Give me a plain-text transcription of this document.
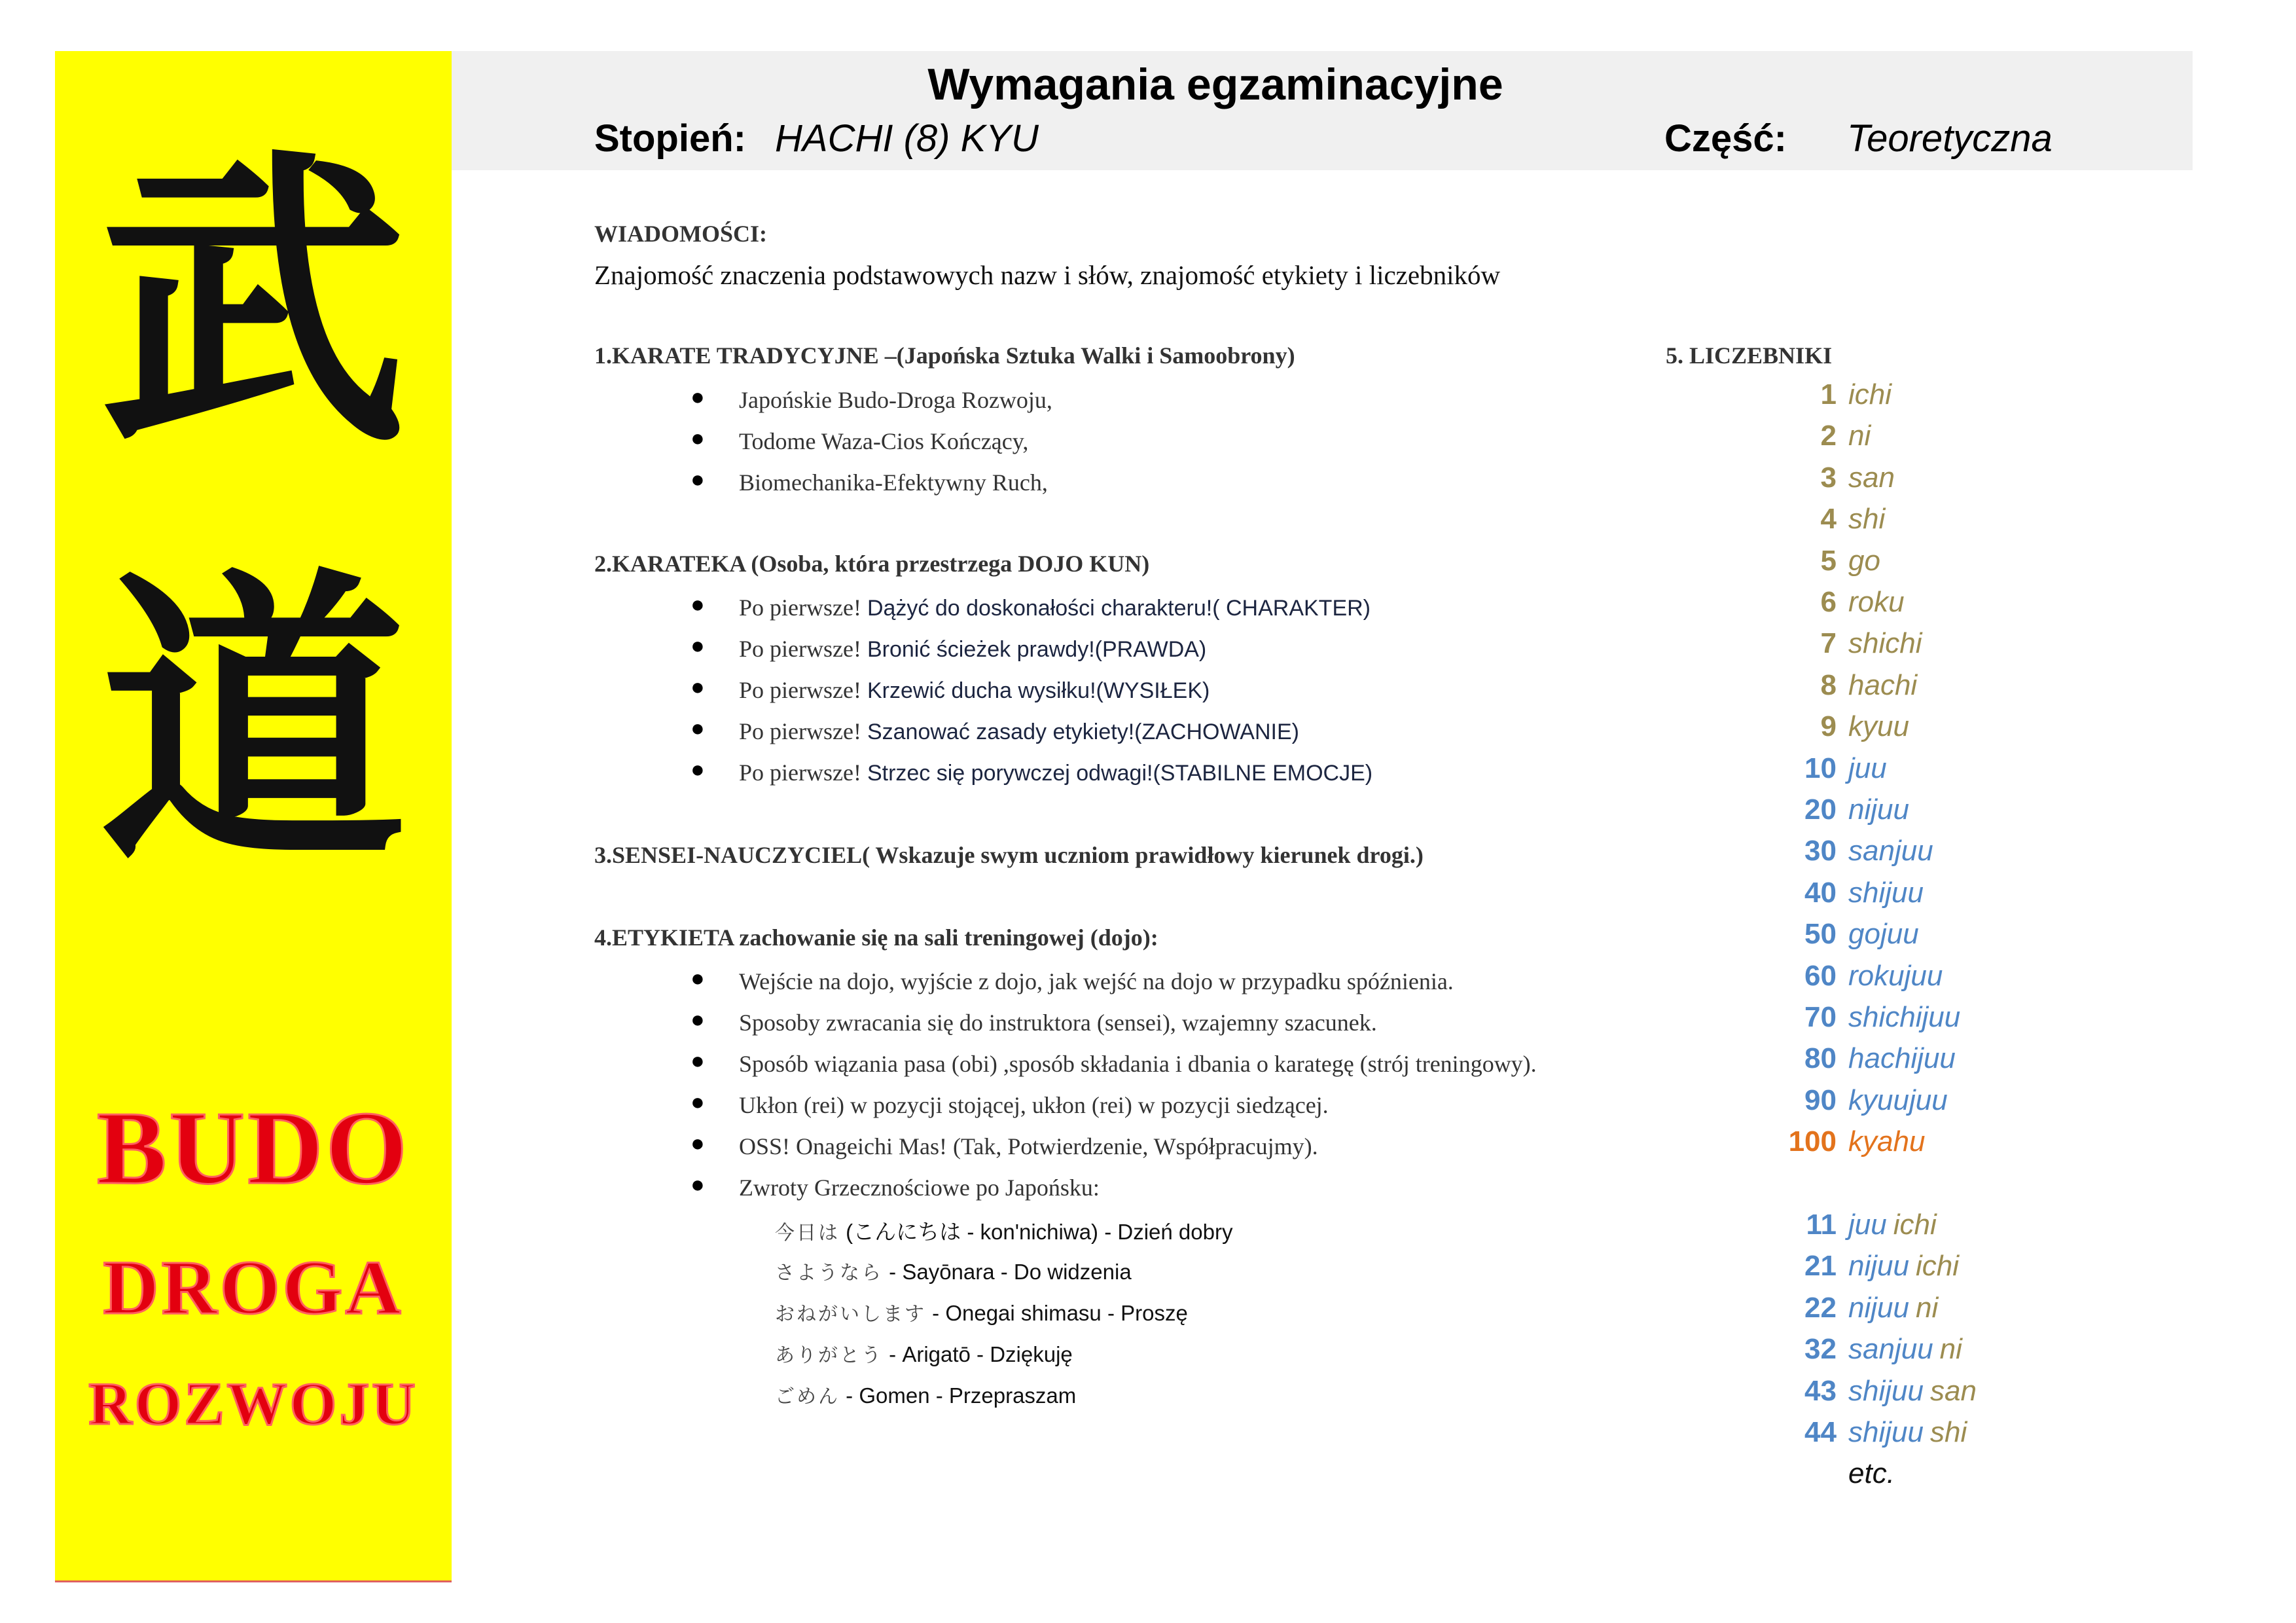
武
道
BUDO
DROGA
ROZWOJU
Wymagania egzaminacyjne
Stopień: HACHI (8) KYU	Część: Teoretyczna
WIADOMOŚCI:
Znajomość znaczenia podstawowych nazw i słów, znajomość etykiety i liczebników
1.KARATE TRADYCYJNE –(Japońska Sztuka Walki i Samoobrony)
● Japońskie Budo-Droga Rozwoju,
● Todome Waza-Cios Kończący,
● Biomechanika-Efektywny Ruch,
2.KARATEKA (Osoba, która przestrzega DOJO KUN)
● Po pierwsze! Dążyć do doskonałości charakteru!( CHARAKTER)
● Po pierwsze! Bronić ścieżek prawdy!(PRAWDA)
● Po pierwsze! Krzewić ducha wysiłku!(WYSIŁEK)
● Po pierwsze! Szanować zasady etykiety!(ZACHOWANIE)
● Po pierwsze! Strzec się porywczej odwagi!(STABILNE EMOCJE)
3.SENSEI-NAUCZYCIEL( Wskazuje swym uczniom prawidłowy kierunek drogi.)
4.ETYKIETA zachowanie się na sali treningowej (dojo):
● Wejście na dojo, wyjście z dojo, jak wejść na dojo w przypadku spóźnienia.
● Sposoby zwracania się do instruktora (sensei), wzajemny szacunek.
● Sposób wiązania pasa (obi) ,sposób składania i dbania o karategę (strój treningowy).
● Ukłon (rei) w pozycji stojącej, ukłon (rei) w pozycji siedzącej.
● OSS! Onageichi Mas! (Tak, Potwierdzenie, Współpracujmy).
● Zwroty Grzecznościowe po Japońsku:
今日は (こんにちは - kon'nichiwa) - Dzień dobry
さようなら - Sayōnara - Do widzenia
おねがいします - Onegai shimasu - Proszę
ありがとう - Arigatō - Dziękuję
ごめん - Gomen - Przepraszam
5. LICZEBNIKI
1 ichi
2 ni
3 san
4 shi
5 go
6 roku
7 shichi
8 hachi
9 kyuu
10 juu
20 nijuu
30 sanjuu
40 shijuu
50 gojuu
60 rokujuu
70 shichijuu
80 hachijuu
90 kyuujuu
100 kyahu
11 juu ichi
21 nijuu ichi
22 nijuu ni
32 sanjuu ni
43 shijuu san
44 shijuu shi
etc.
